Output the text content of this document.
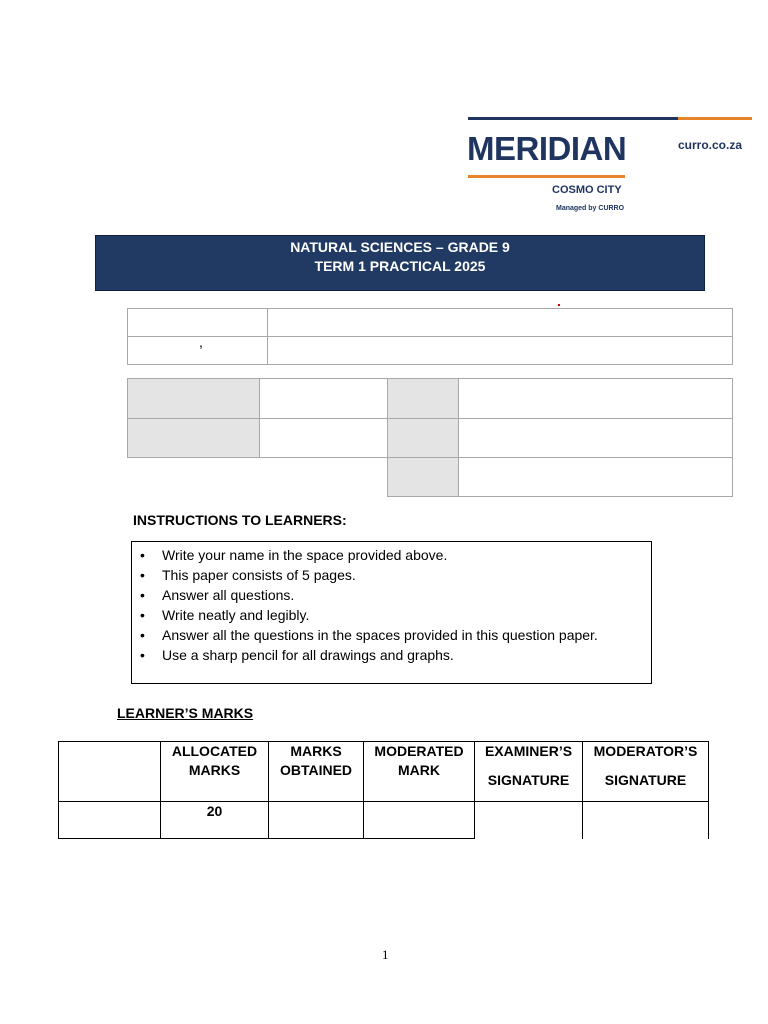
MERIDIAN
COSMO CITY
Managed by CURRO
curro.co.za
NATURAL SCIENCES – GRADE 9
TERM 1 PRACTICAL 2025
,
INSTRUCTIONS TO LEARNERS:
• Write your name in the space provided above.
• This paper consists of 5 pages.
• Answer all questions.
• Write neatly and legibly.
• Answer all the questions in the spaces provided in this question paper.
• Use a sharp pencil for all drawings and graphs.
LEARNER’S MARKS
ALLOCATED
MARKS
MARKS
OBTAINED
MODERATED
MARK
EXAMINER’S
SIGNATURE
MODERATOR’S
SIGNATURE
20
1
